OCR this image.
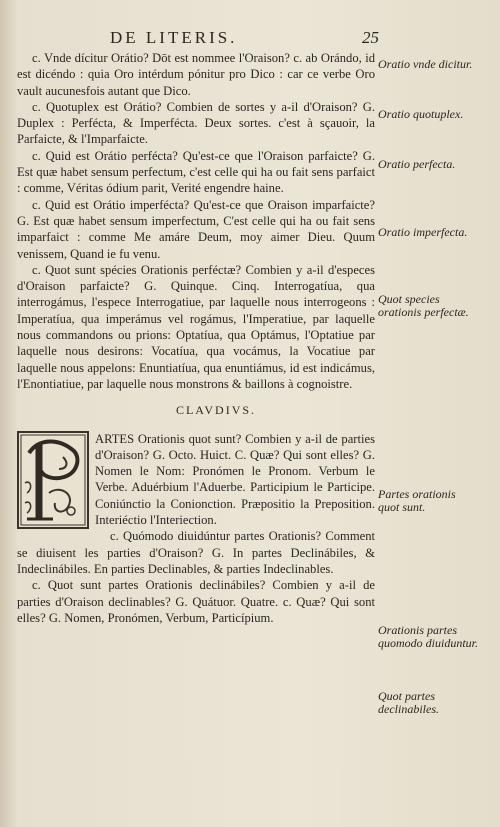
DE LITERIS.	25

c. Vnde dícitur Orátio? Dōt est nommee l'Oraison? c. ab Orándo, id est dicéndo : quia Oro intérdum pónitur pro Dico : car ce verbe Oro vault aucunesfois autant que Dico.

c. Quotuplex est Orátio? Combien de sortes y a-il d'Oraison? G. Duplex : Perfécta, & Imperfécta. Deux sortes. c'est à sçauoir, la Parfaicte, & l'Imparfaicte.

c. Quid est Orátio perfécta? Qu'est-ce que l'Oraison parfaicte? G. Est quæ habet sensum perfectum, c'est celle qui ha ou fait sens parfaict : comme, Véritas ódium parit, Verité engendre haine.

c. Quid est Orátio imperfécta? Qu'est-ce que Oraison imparfaicte? G. Est quæ habet sensum imperfectum, C'est celle qui ha ou fait sens imparfaict : comme Me amáre Deum, moy aimer Dieu. Quum venissem, Quand ie fu venu.

c. Quot sunt spécies Orationis perféctæ? Combien y a-il d'especes d'Oraison parfaicte? G. Quinque. Cinq. Interrogatíua, qua interrogámus, l'espece Interrogatiue, par laquelle nous interrogeons : Imperatíua, qua imperámus vel rogámus, l'Imperatiue, par laquelle nous commandons ou prions: Optatíua, qua Optámus, l'Optatiue par laquelle nous desirons: Vocatíua, qua vocámus, la Vocatiue par laquelle nous appelons: Enuntiatíua, qua enuntiámus, id est indicámus, l'Enontiatiue, par laquelle nous monstrons & baillons à cognoistre.

CLAVDIVS.

ARTES Orationis quot sunt? Combien y a-il de parties d'Oraison? G. Octo. Huict. C. Quæ? Qui sont elles? G. Nomen le Nom: Pronómen le Pronom. Verbum le Verbe. Aduérbium l'Aduerbe. Participium le Participe. Coniúnctio la Conionction. Præpositio la Preposition. Interiéctio l'Interiection.

c. Quómodo diuidúntur partes Orationis? Comment se diuisent les parties d'Oraison? G. In partes Declinábiles, & Indeclinábiles. En parties Declinables, & parties Indeclinables.

c. Quot sunt partes Orationis declinábiles? Combien y a-il de parties d'Oraison declinables? G. Quátuor. Quatre. c. Quæ? Qui sont elles? G. Nomen, Pronómen, Verbum, Particípium.

Oratio vnde dicitur.
Oratio quotuplex.
Oratio perfecta.
Oratio imperfecta.
Quot species orationis perfectæ.
Partes orationis quot sunt.
Orationis partes quomodo diuiduntur.
Quot partes declinabiles.
